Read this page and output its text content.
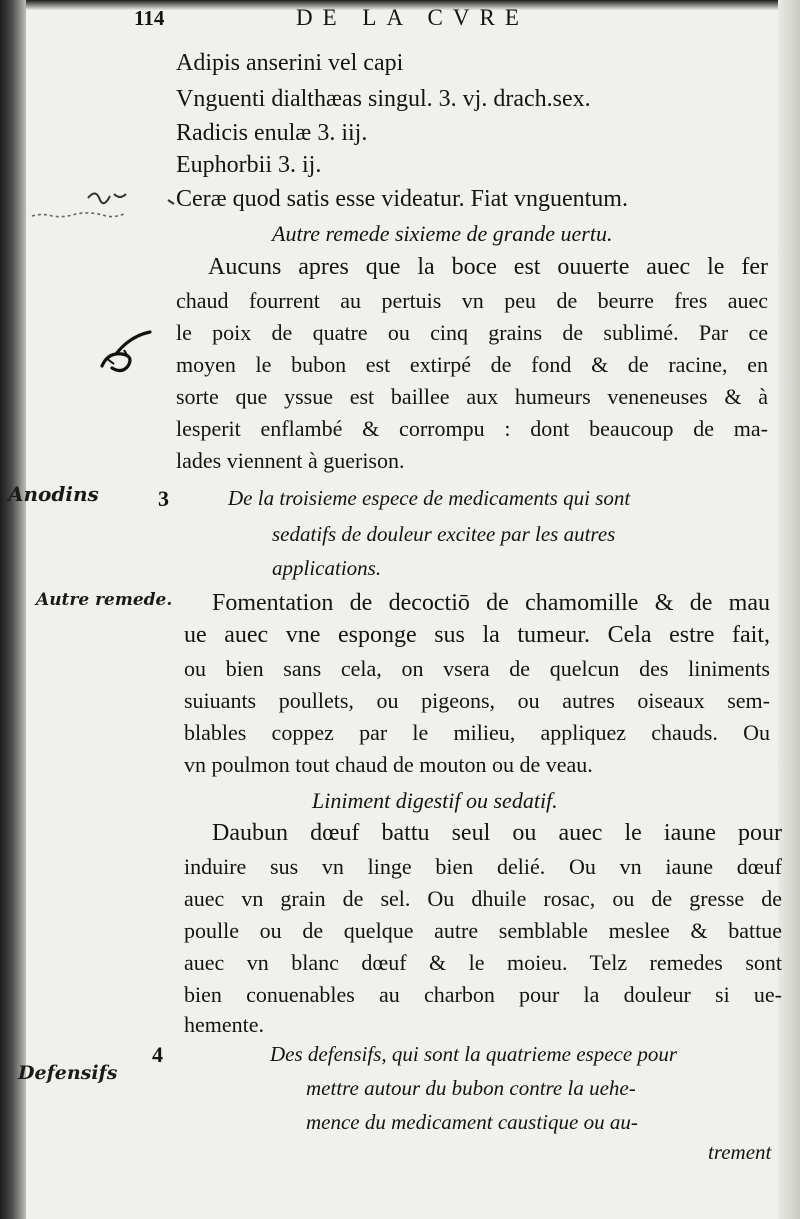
114	DE LA CVRE
Adipis anserini vel capi
Vnguenti dialthæas singul. 3. vj. drach.sex.
Radicis enulæ 3. iij.
Euphorbii 3. ij.
Ceræ quod satis esse videatur. Fiat vnguentum.
Autre remede sixieme de grande uertu.
Aucuns apres que la boce est ouuerte auec le fer
chaud fourrent au pertuis vn peu de beurre fres auec
le poix de quatre ou cinq grains de sublimé. Par ce
moyen le bubon est extirpé de fond & de racine, en
sorte que yssue est baillee aux humeurs veneneuses & à
lesperit enflambé & corrompu : dont beaucoup de ma-
lades viennent à guerison.
Anodins	3	De la troisieme espece de medicaments qui sont
sedatifs de douleur excitee par les autres
applications.
Autre remede. Fomentation de decoctiō de chamomille & de mau
ue auec vne esponge sus la tumeur. Cela estre fait,
ou bien sans cela, on vsera de quelcun des liniments
suiuants poullets, ou pigeons, ou autres oiseaux sem-
blables coppez par le milieu, appliquez chauds. Ou
vn poulmon tout chaud de mouton ou de veau.
Liniment digestif ou sedatif.
Daubun dœuf battu seul ou auec le iaune pour
induire sus vn linge bien delié. Ou vn iaune dœuf
auec vn grain de sel. Ou dhuile rosac, ou de gresse de
poulle ou de quelque autre semblable meslee & battue
auec vn blanc dœuf & le moieu. Telz remedes sont
bien conuenables au charbon pour la douleur si ue-
hemente.
Defensifs
4	Des defensifs, qui sont la quatrieme espece pour
mettre autour du bubon contre la uehe-
mence du medicament caustique ou au-
trement
